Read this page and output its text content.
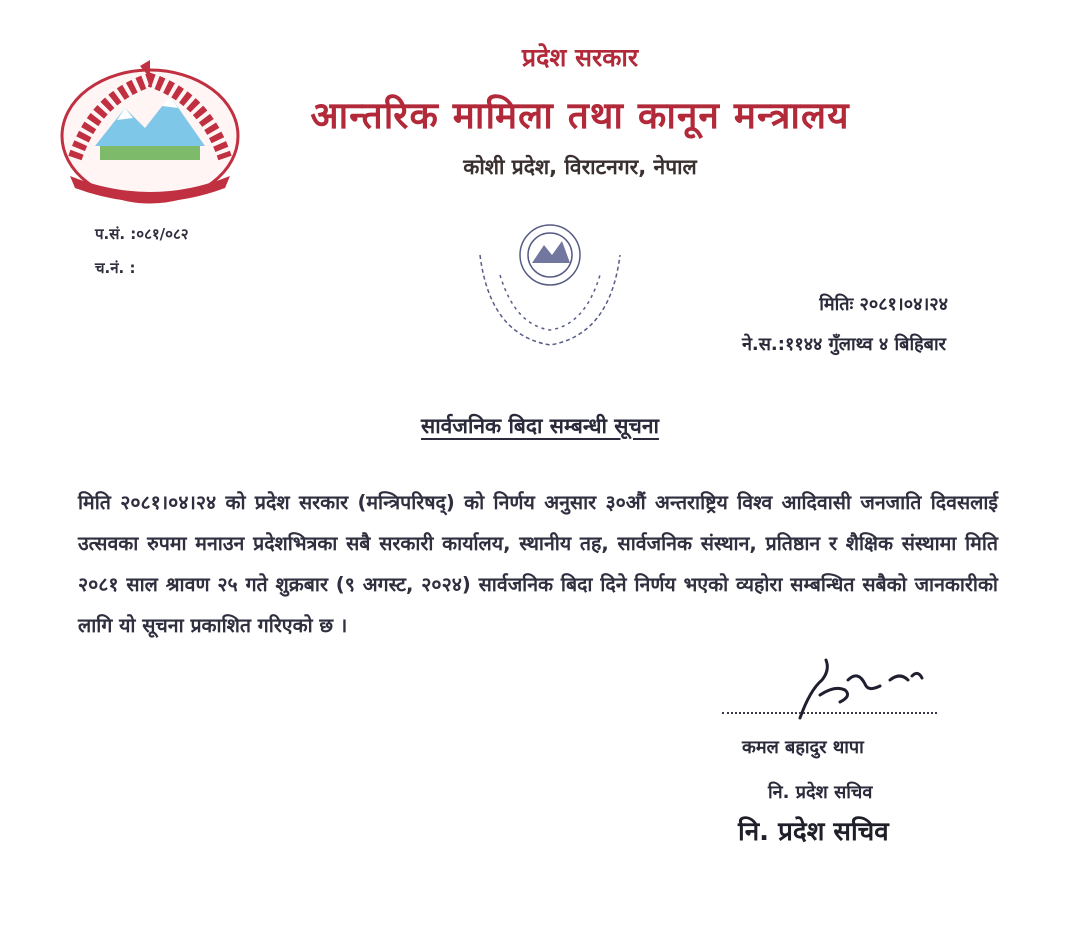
प्रदेश सरकार
आन्तरिक मामिला तथा कानून मन्त्रालय
कोशी प्रदेश, विराटनगर, नेपाल
प.सं. :०८१/०८२
च.नं. :
मितिः २०८१।०४।२४
ने.स.:११४४ गुँलाथ्व ४ बिहिबार
सार्वजनिक बिदा सम्बन्धी सूचना
मिति २०८१।०४।२४ को प्रदेश सरकार (मन्त्रिपरिषद्) को निर्णय अनुसार ३०औं अन्तराष्ट्रिय विश्व आदिवासी जनजाति दिवसलाई उत्सवका रुपमा मनाउन प्रदेशभित्रका सबै सरकारी कार्यालय, स्थानीय तह, सार्वजनिक संस्थान, प्रतिष्ठान र शैक्षिक संस्थामा मिति २०८१ साल श्रावण २५ गते शुक्रबार (९ अगस्ट, २०२४) सार्वजनिक बिदा दिने निर्णय भएको व्यहोरा सम्बन्धित सबैको जानकारीको लागि यो सूचना प्रकाशित गरिएको छ ।
कमल बहादुर थापा
नि. प्रदेश सचिव
नि. प्रदेश सचिव
